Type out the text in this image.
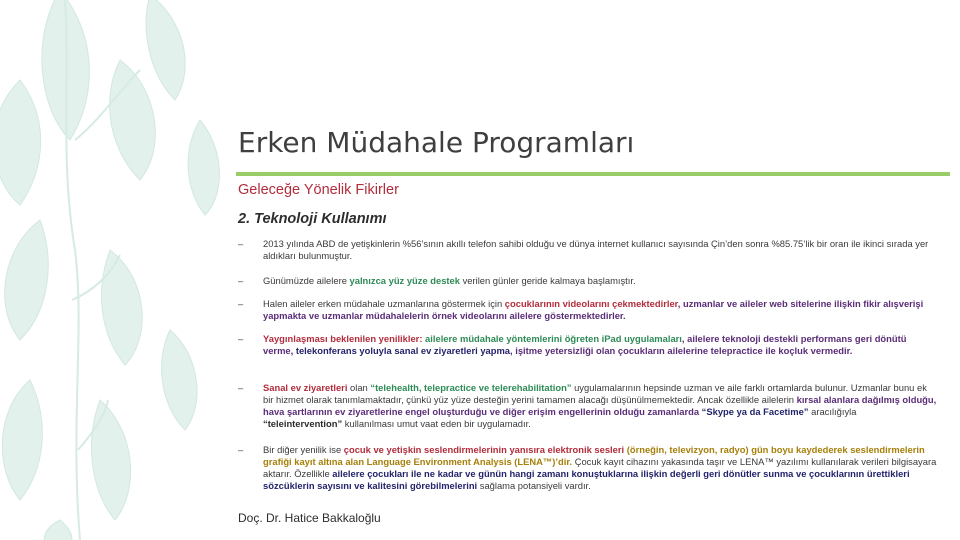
Erken Müdahale Programları
Geleceğe Yönelik Fikirler
2. Teknoloji Kullanımı
– 2013 yılında ABD de yetişkinlerin %56’sının akıllı telefon sahibi olduğu ve dünya internet kullanıcı sayısında Çin’den sonra %85.75’lik bir oran ile ikinci sırada yer aldıkları bulunmuştur.
– Günümüzde ailelere yalnızca yüz yüze destek verilen günler geride kalmaya başlamıştır.
– Halen aileler erken müdahale uzmanlarına göstermek için çocuklarının videolarını çekmektedirler, uzmanlar ve aileler web sitelerine ilişkin fikir alışverişi yapmakta ve uzmanlar müdahalelerin örnek videolarını ailelere göstermektedirler.
– Yaygınlaşması beklenilen yenilikler: ailelere müdahale yöntemlerini öğreten iPad uygulamaları, ailelere teknoloji destekli performans geri dönütü verme, telekonferans yoluyla sanal ev ziyaretleri yapma, işitme yetersizliği olan çocukların ailelerine telepractice ile koçluk vermedir.
– Sanal ev ziyaretleri olan “telehealth, telepractice ve telerehabilitation” uygulamalarının hepsinde uzman ve aile farklı ortamlarda bulunur. Uzmanlar bunu ek bir hizmet olarak tanımlamaktadır, çünkü yüz yüze desteğin yerini tamamen alacağı düşünülmemektedir. Ancak özellikle ailelerin kırsal alanlara dağılmış olduğu, hava şartlarının ev ziyaretlerine engel oluşturduğu ve diğer erişim engellerinin olduğu zamanlarda “Skype ya da Facetime” aracılığıyla “teleintervention” kullanılması umut vaat eden bir uygulamadır.
– Bir diğer yenilik ise çocuk ve yetişkin seslendirmelerinin yanısıra elektronik sesleri (örneğin, televizyon, radyo) gün boyu kaydederek seslendirmelerin grafiği kayıt altına alan Language Environment Analysis (LENA™)’dir. Çocuk kayıt cihazını yakasında taşır ve LENA™ yazılımı kullanılarak verileri bilgisayara aktarır. Özellikle ailelere çocukları ile ne kadar ve günün hangi zamanı konuştuklarına ilişkin değerli geri dönütler sunma ve çocuklarının ürettikleri sözcüklerin sayısını ve kalitesini görebilmelerini sağlama potansiyeli vardır.
Doç. Dr. Hatice Bakkaloğlu
